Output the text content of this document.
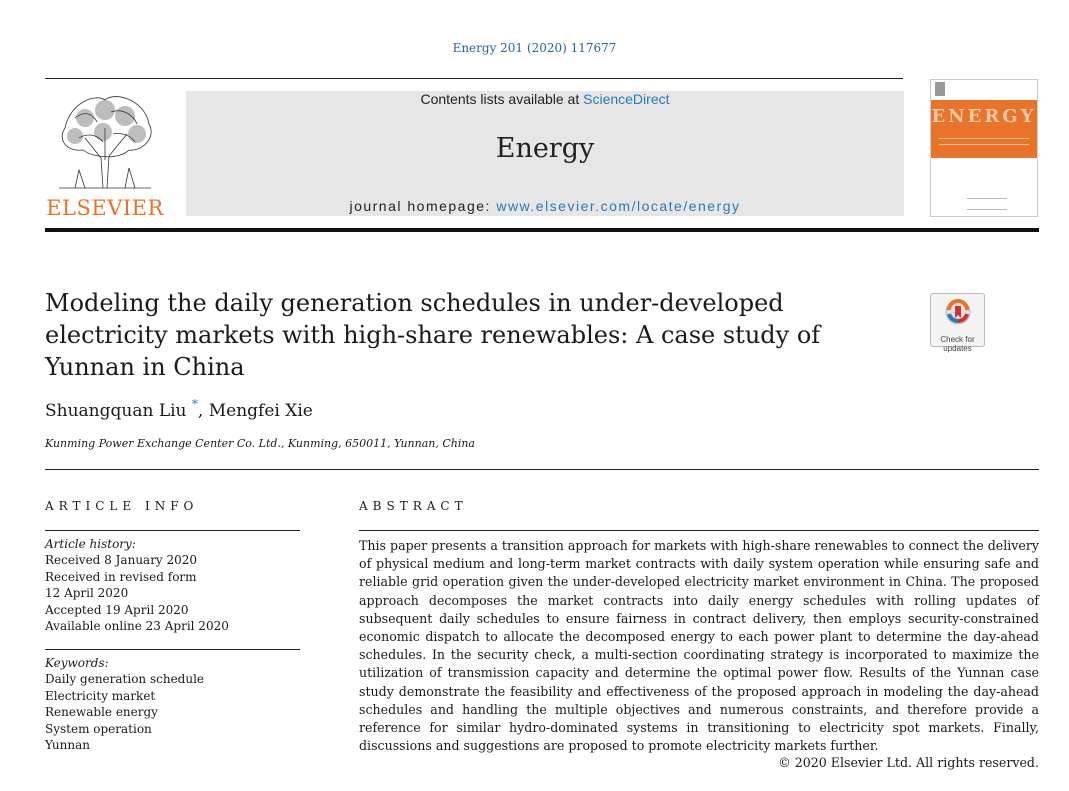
Energy 201 (2020) 117677
ELSEVIER
Contents lists available at ScienceDirect
Energy
journal homepage: www.elsevier.com/locate/energy
ENERGY
Modeling the daily generation schedules in under-developed electricity markets with high-share renewables: A case study of Yunnan in China
Check for
updates
Shuangquan Liu *, Mengfei Xie
Kunming Power Exchange Center Co. Ltd., Kunming, 650011, Yunnan, China
ARTICLE INFO	ABSTRACT
Article history:
Received 8 January 2020
Received in revised form
12 April 2020
Accepted 19 April 2020
Available online 23 April 2020
Keywords:
Daily generation schedule
Electricity market
Renewable energy
System operation
Yunnan
This paper presents a transition approach for markets with high-share renewables to connect the delivery of physical medium and long-term market contracts with daily system operation while ensuring safe and reliable grid operation given the under-developed electricity market environment in China. The proposed approach decomposes the market contracts into daily energy schedules with rolling updates of subsequent daily schedules to ensure fairness in contract delivery, then employs security-constrained economic dispatch to allocate the decomposed energy to each power plant to determine the day-ahead schedules. In the security check, a multi-section coordinating strategy is incorporated to maximize the utilization of transmission capacity and determine the optimal power flow. Results of the Yunnan case study demonstrate the feasibility and effectiveness of the proposed approach in modeling the day-ahead schedules and handling the multiple objectives and numerous constraints, and therefore provide a reference for similar hydro-dominated systems in transitioning to electricity spot markets. Finally, discussions and suggestions are proposed to promote electricity markets further.
© 2020 Elsevier Ltd. All rights reserved.
